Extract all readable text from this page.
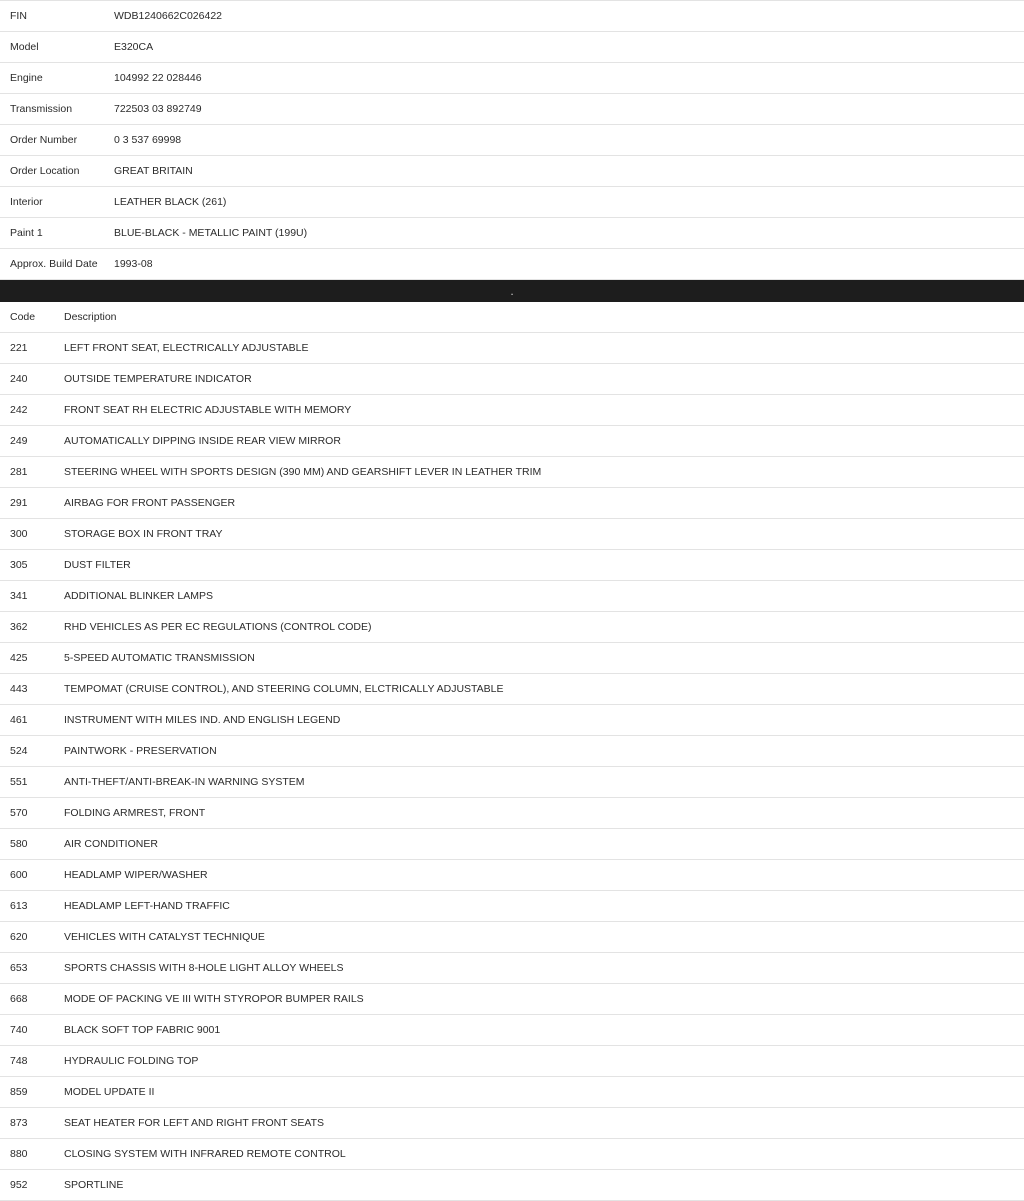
FIN	WDB1240662C026422
Model	E320CA
Engine	104992 22 028446
Transmission	722503 03 892749
Order Number	0 3 537 69998
Order Location	GREAT BRITAIN
Interior	LEATHER BLACK (261)
Paint 1	BLUE-BLACK - METALLIC PAINT (199U)
Approx. Build Date	1993-08
.
Code	Description
221	LEFT FRONT SEAT, ELECTRICALLY ADJUSTABLE
240	OUTSIDE TEMPERATURE INDICATOR
242	FRONT SEAT RH ELECTRIC ADJUSTABLE WITH MEMORY
249	AUTOMATICALLY DIPPING INSIDE REAR VIEW MIRROR
281	STEERING WHEEL WITH SPORTS DESIGN (390 MM) AND GEARSHIFT LEVER IN LEATHER TRIM
291	AIRBAG FOR FRONT PASSENGER
300	STORAGE BOX IN FRONT TRAY
305	DUST FILTER
341	ADDITIONAL BLINKER LAMPS
362	RHD VEHICLES AS PER EC REGULATIONS (CONTROL CODE)
425	5-SPEED AUTOMATIC TRANSMISSION
443	TEMPOMAT (CRUISE CONTROL), AND STEERING COLUMN, ELCTRICALLY ADJUSTABLE
461	INSTRUMENT WITH MILES IND. AND ENGLISH LEGEND
524	PAINTWORK - PRESERVATION
551	ANTI-THEFT/ANTI-BREAK-IN WARNING SYSTEM
570	FOLDING ARMREST, FRONT
580	AIR CONDITIONER
600	HEADLAMP WIPER/WASHER
613	HEADLAMP LEFT-HAND TRAFFIC
620	VEHICLES WITH CATALYST TECHNIQUE
653	SPORTS CHASSIS WITH 8-HOLE LIGHT ALLOY WHEELS
668	MODE OF PACKING VE III WITH STYROPOR BUMPER RAILS
740	BLACK SOFT TOP FABRIC 9001
748	HYDRAULIC FOLDING TOP
859	MODEL UPDATE II
873	SEAT HEATER FOR LEFT AND RIGHT FRONT SEATS
880	CLOSING SYSTEM WITH INFRARED REMOTE CONTROL
952	SPORTLINE
